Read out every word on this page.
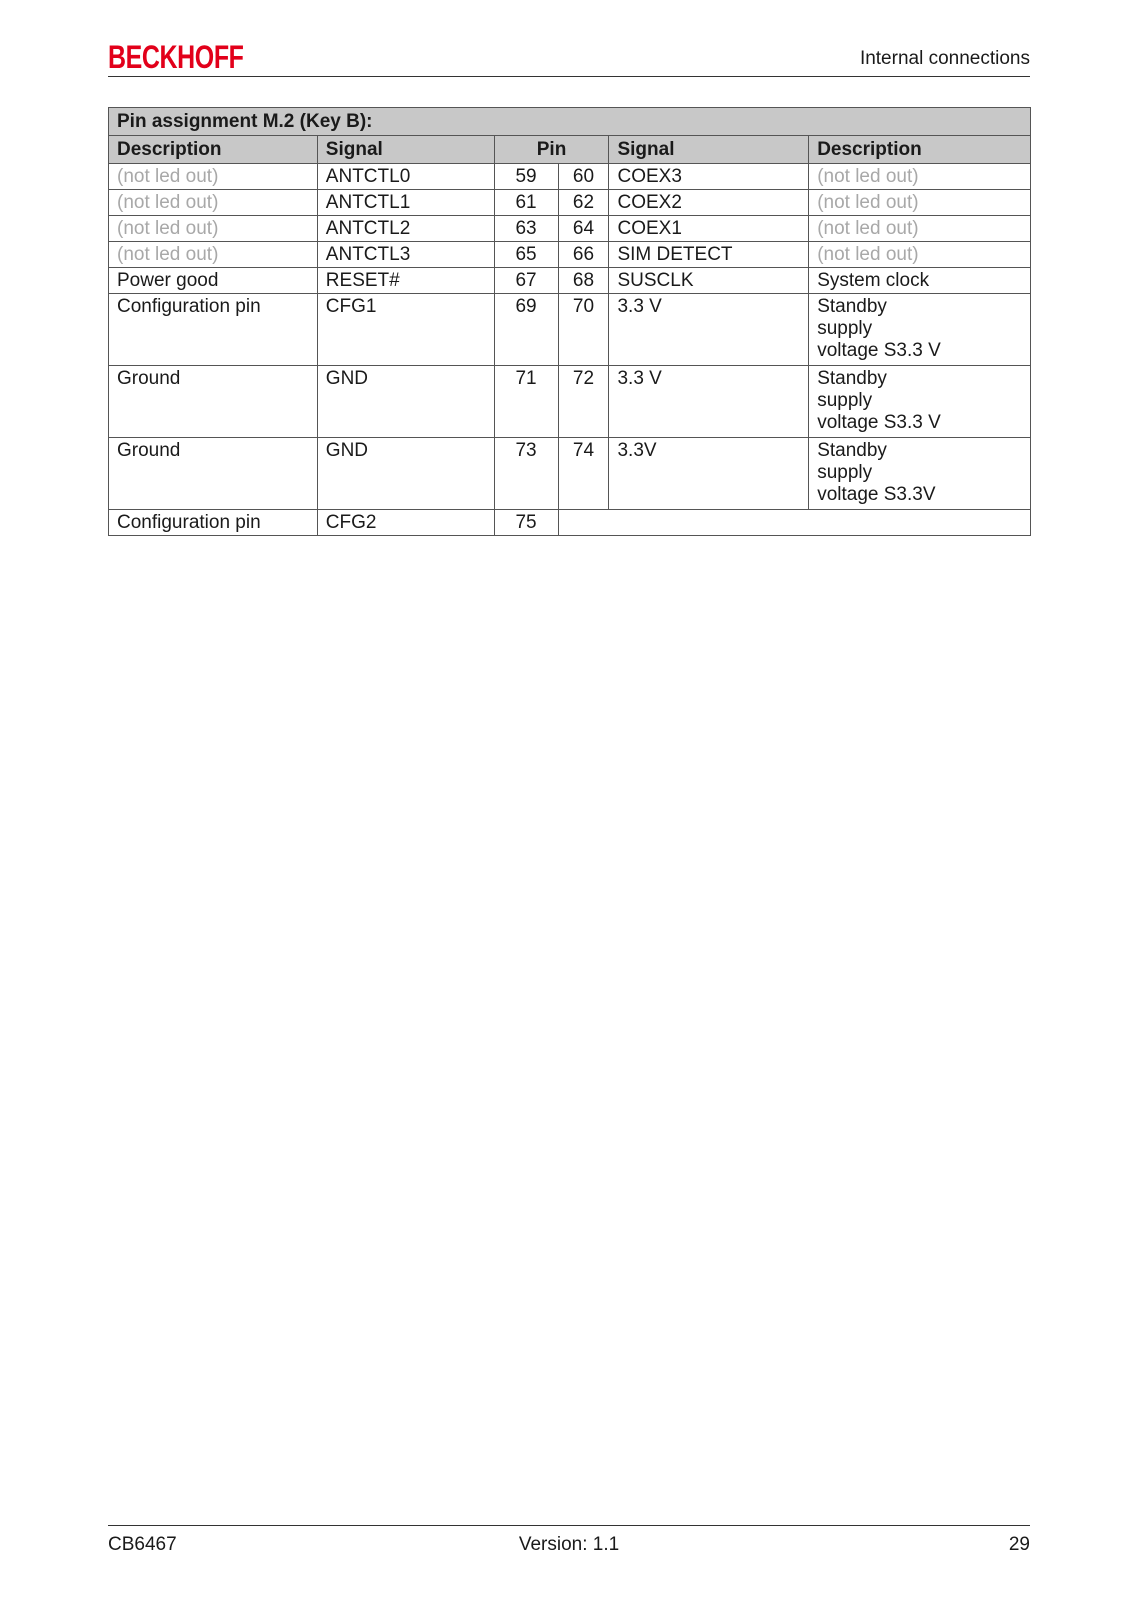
BECKHOFF	Internal connections
Pin assignment M.2 (Key B):					
Description	Signal	Pin		Signal	Description
(not led out)	ANTCTL0	59	60	COEX3	(not led out)
(not led out)	ANTCTL1	61	62	COEX2	(not led out)
(not led out)	ANTCTL2	63	64	COEX1	(not led out)
(not led out)	ANTCTL3	65	66	SIM DETECT	(not led out)
Power good	RESET#	67	68	SUSCLK	System clock
Configuration pin	CFG1	69	70	3.3 V	Standby
supply
voltage S3.3 V

Ground	GND	71	72	3.3 V	Standby
supply
voltage S3.3 V

Ground	GND	73	74	3.3V	Standby
supply
voltage S3.3V

Configuration pin	CFG2	75			
CB6467	Version: 1.1	29
